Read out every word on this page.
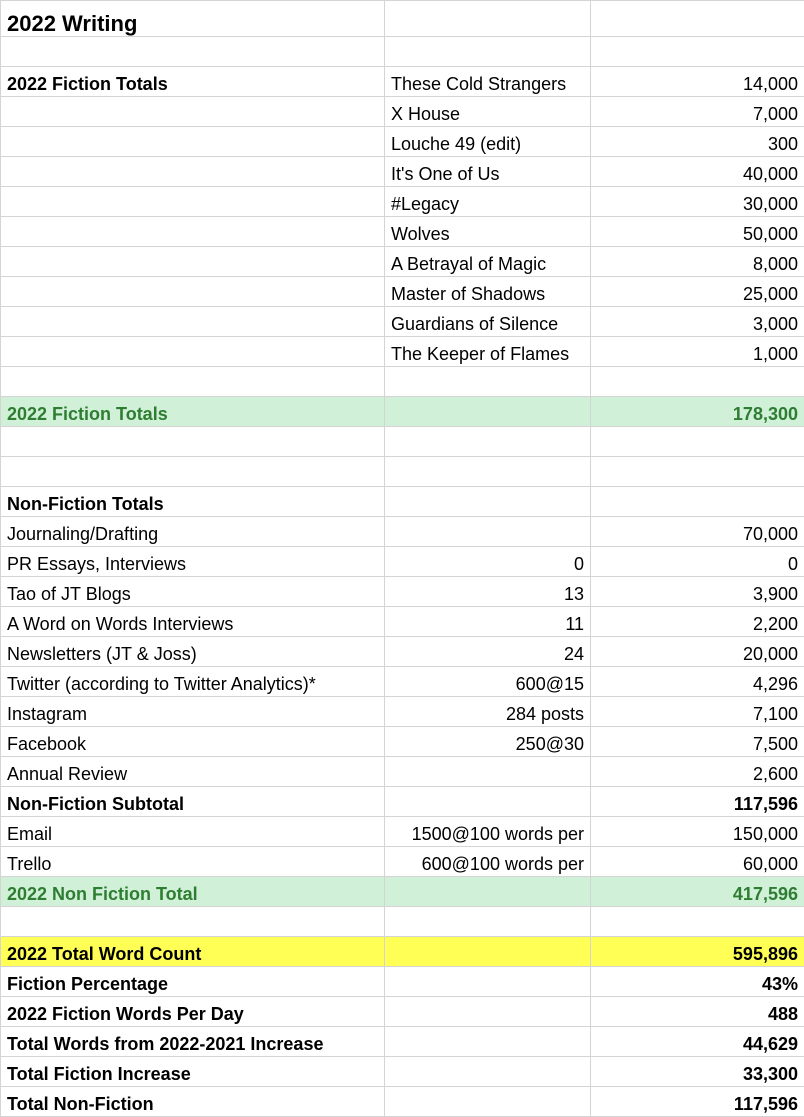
2022 Writing		

2022 Fiction Totals	These Cold Strangers	14,000
	X House	7,000
	Louche 49 (edit)	300
	It's One of Us	40,000
	#Legacy	30,000
	Wolves	50,000
	A Betrayal of Magic	8,000
	Master of Shadows	25,000
	Guardians of Silence	3,000
	The Keeper of Flames	1,000

2022 Fiction Totals		178,300

Non-Fiction Totals		
Journaling/Drafting		70,000
PR Essays, Interviews	0	0
Tao of JT Blogs	13	3,900
A Word on Words Interviews	11	2,200
Newsletters (JT & Joss)	24	20,000
Twitter (according to Twitter Analytics)*	600@15	4,296
Instagram	284 posts	7,100
Facebook	250@30	7,500
Annual Review		2,600
Non-Fiction Subtotal		117,596
Email	1500@100 words per	150,000
Trello	600@100 words per	60,000
2022 Non Fiction Total		417,596

2022 Total Word Count		595,896
Fiction Percentage		43%
2022 Fiction Words Per Day		488
Total Words from 2022-2021 Increase		44,629
Total Fiction Increase		33,300
Total Non-Fiction		117,596
